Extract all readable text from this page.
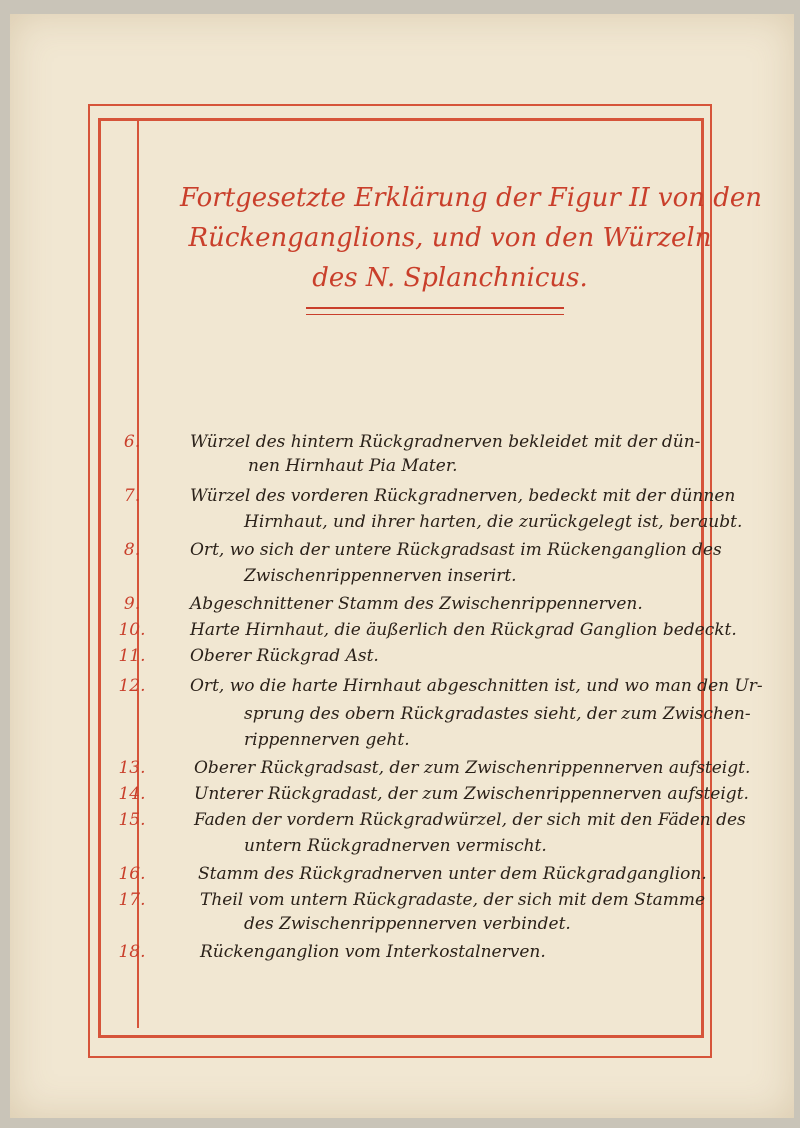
Fortgesetzte Erklärung der Figur II von den
Rückenganglions, und von den Würzeln
des N. Splanchnicus.
6.	Würzel des hintern Rückgradnerven bekleidet mit der dün-
nen Hirnhaut Pia Mater.
7.	Würzel des vorderen Rückgradnerven, bedeckt mit der dünnen
Hirnhaut, und ihrer harten, die zurückgelegt ist, beraubt.
8.	Ort, wo sich der untere Rückgradsast im Rückenganglion des
Zwischenrippennerven inserirt.
9.	Abgeschnittener Stamm des Zwischenrippennerven.
10.	Harte Hirnhaut, die äußerlich den Rückgrad Ganglion bedeckt.
11.	Oberer Rückgrad Ast.
12.	Ort, wo die harte Hirnhaut abgeschnitten ist, und wo man den Ur-
sprung des obern Rückgradastes sieht, der zum Zwischen-
rippennerven geht.
13.	Oberer Rückgradsast, der zum Zwischenrippennerven aufsteigt.
14.	Unterer Rückgradast, der zum Zwischenrippennerven aufsteigt.
15.	Faden der vordern Rückgradwürzel, der sich mit den Fäden des
untern Rückgradnerven vermischt.
16.	Stamm des Rückgradnerven unter dem Rückgradganglion.
17.	Theil vom untern Rückgradaste, der sich mit dem Stamme
des Zwischenrippennerven verbindet.
18.	Rückenganglion vom Interkostalnerven.
